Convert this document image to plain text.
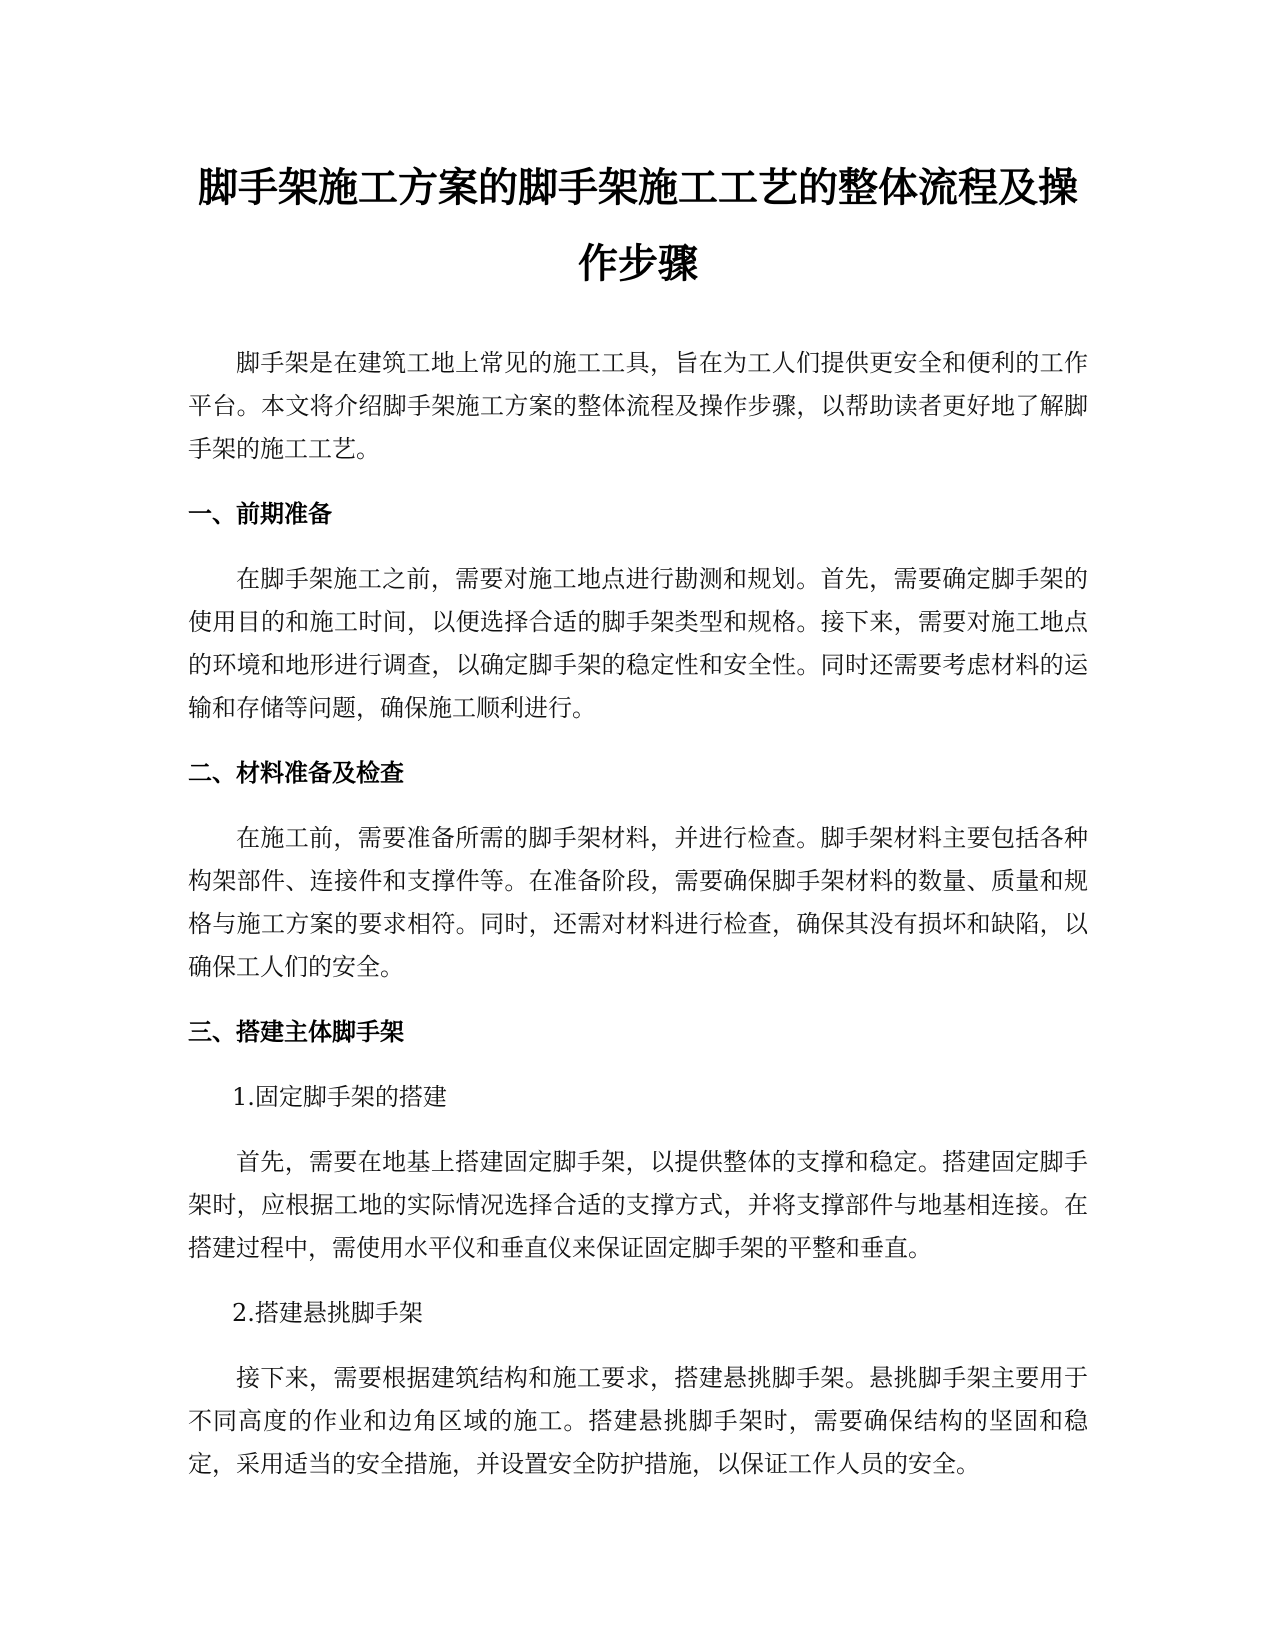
脚手架施工方案的脚手架施工工艺的整体流程及操作步骤

脚手架是在建筑工地上常见的施工工具，旨在为工人们提供更安全和便利的工作平台。本文将介绍脚手架施工方案的整体流程及操作步骤，以帮助读者更好地了解脚手架的施工工艺。

一、前期准备

在脚手架施工之前，需要对施工地点进行勘测和规划。首先，需要确定脚手架的使用目的和施工时间，以便选择合适的脚手架类型和规格。接下来，需要对施工地点的环境和地形进行调查，以确定脚手架的稳定性和安全性。同时还需要考虑材料的运输和存储等问题，确保施工顺利进行。

二、材料准备及检查

在施工前，需要准备所需的脚手架材料，并进行检查。脚手架材料主要包括各种构架部件、连接件和支撑件等。在准备阶段，需要确保脚手架材料的数量、质量和规格与施工方案的要求相符。同时，还需对材料进行检查，确保其没有损坏和缺陷，以确保工人们的安全。

三、搭建主体脚手架

1.固定脚手架的搭建

首先，需要在地基上搭建固定脚手架，以提供整体的支撑和稳定。搭建固定脚手架时，应根据工地的实际情况选择合适的支撑方式，并将支撑部件与地基相连接。在搭建过程中，需使用水平仪和垂直仪来保证固定脚手架的平整和垂直。

2.搭建悬挑脚手架

接下来，需要根据建筑结构和施工要求，搭建悬挑脚手架。悬挑脚手架主要用于不同高度的作业和边角区域的施工。搭建悬挑脚手架时，需要确保结构的坚固和稳定，采用适当的安全措施，并设置安全防护措施，以保证工作人员的安全。
